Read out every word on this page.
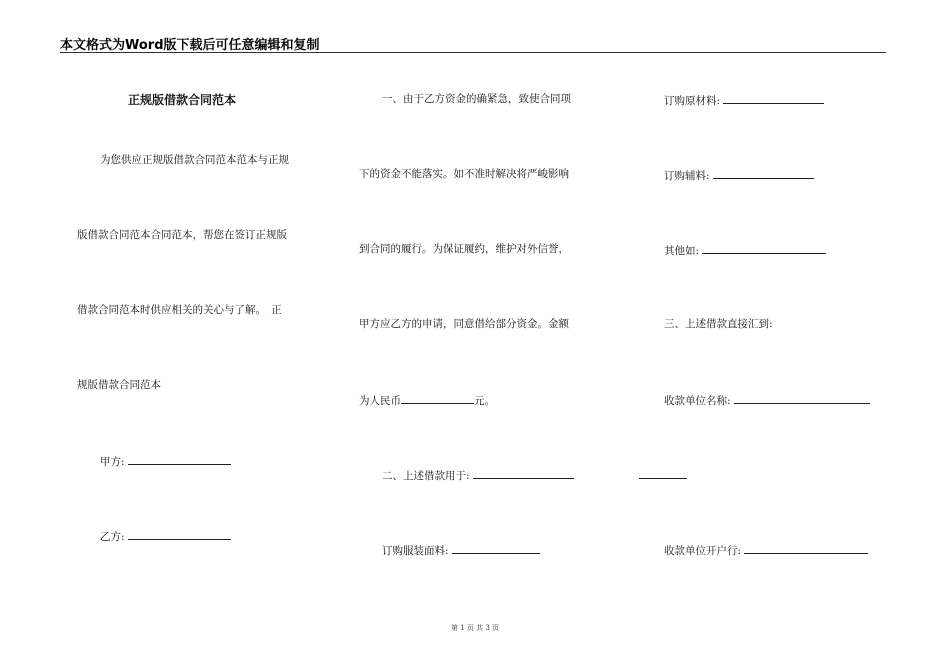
本文格式为Word版下载后可任意编辑和复制
正规版借款合同范本
为您供应正规版借款合同范本范本与正规
版借款合同范本合同范本，帮您在签订正规版
借款合同范本时供应相关的关心与了解。　正
规版借款合同范本
甲方:
乙方:
一、由于乙方资金的确紧急，致使合同项
下的资金不能落实。如不准时解决将严峻影响
到合同的履行。为保证履约，维护对外信誉，
甲方应乙方的申请，同意借给部分资金。金额
为人民币	元。
二、上述借款用于:
订购服装面料:
订购原材料:
订购辅料:
其他如:
三、上述借款直接汇到:
收款单位名称:
收款单位开户行:
第 1 页 共 3 页
